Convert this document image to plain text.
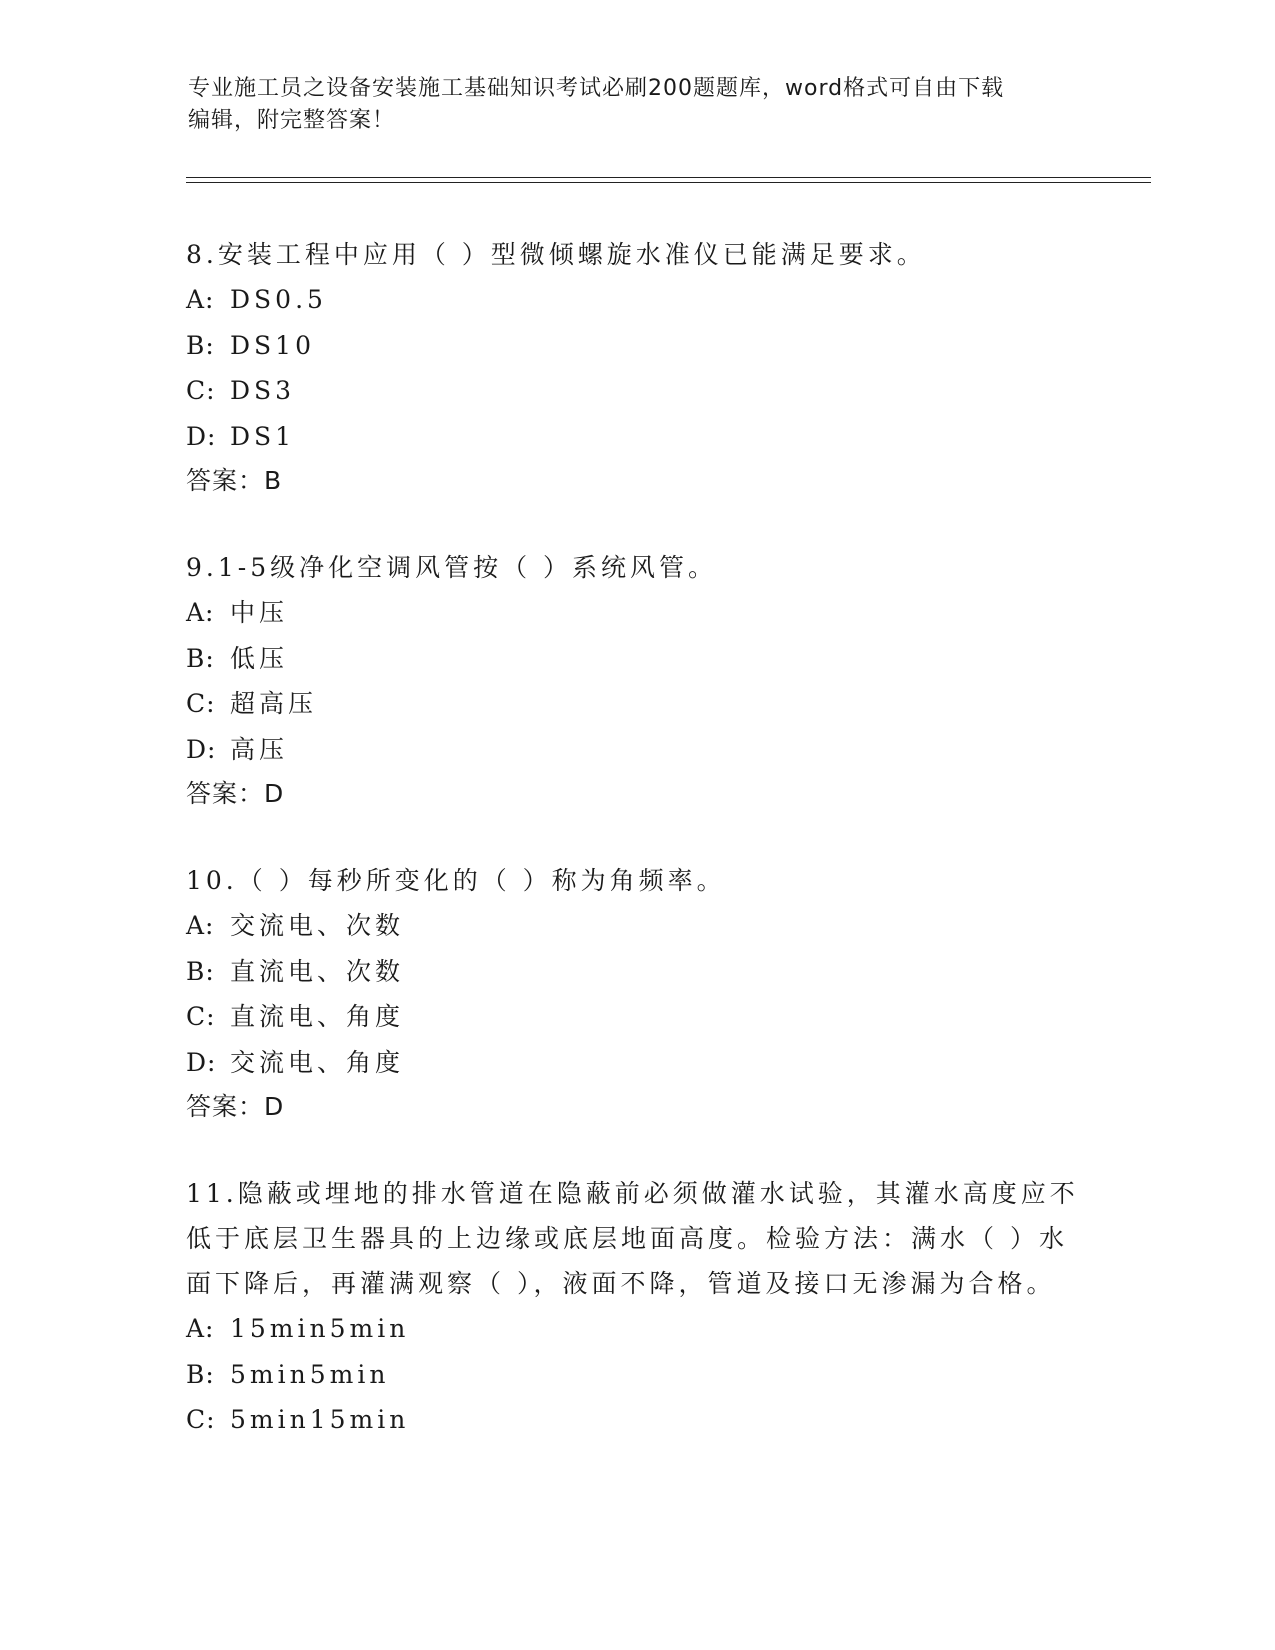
专业施工员之设备安装施工基础知识考试必刷200题题库，word格式可自由下载
编辑，附完整答案！

8.安装工程中应用（ ）型微倾螺旋水准仪已能满足要求。

A: DS0.5

B: DS10

C: DS3

D: DS1

答案：B

9.1-5级净化空调风管按（ ）系统风管。

A: 中压

B: 低压

C: 超高压

D: 高压

答案：D

10.（ ）每秒所变化的（ ）称为角频率。

A: 交流电、次数

B: 直流电、次数

C: 直流电、角度

D: 交流电、角度

答案：D

11.隐蔽或埋地的排水管道在隐蔽前必须做灌水试验，其灌水高度应不低于底层卫生器具的上边缘或底层地面高度。检验方法：满水（ ）水面下降后，再灌满观察（ ），液面不降，管道及接口无渗漏为合格。

A: 15min5min

B: 5min5min

C: 5min15min
